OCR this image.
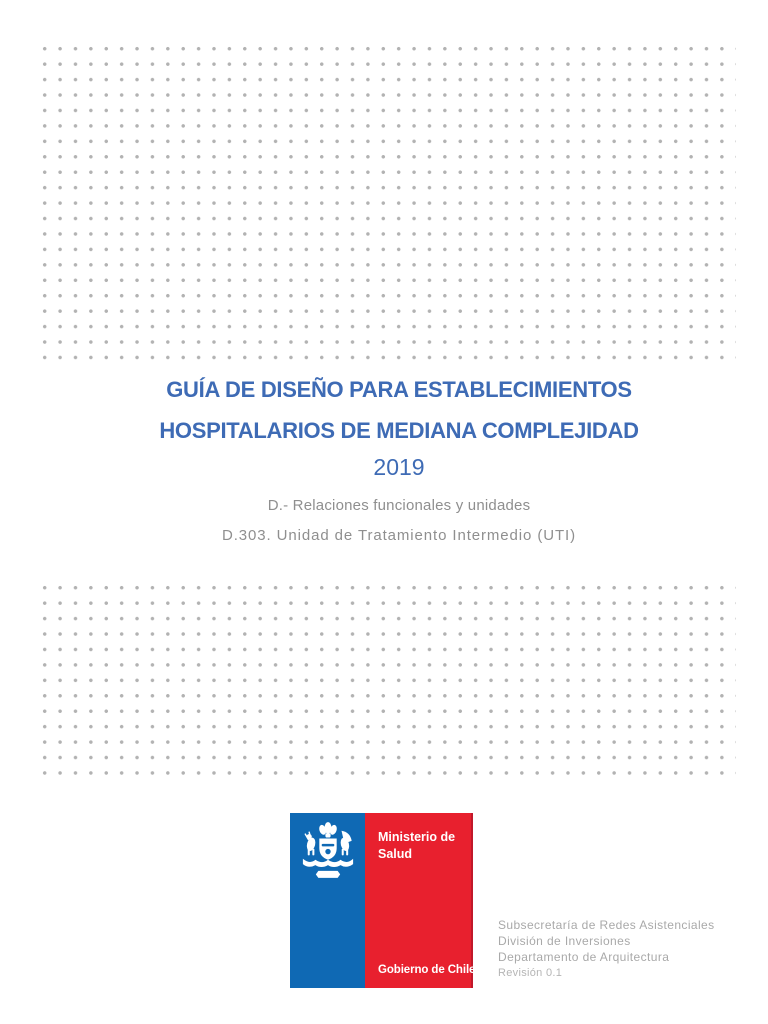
GUÍA DE DISEÑO PARA ESTABLECIMIENTOS
HOSPITALARIOS DE MEDIANA COMPLEJIDAD
2019
D.- Relaciones funcionales y unidades
D.303. Unidad de Tratamiento Intermedio (UTI)
Ministerio de
Salud
Gobierno de Chile
Subsecretaría de Redes Asistenciales
División de Inversiones
Departamento de Arquitectura
Revisión 0.1
